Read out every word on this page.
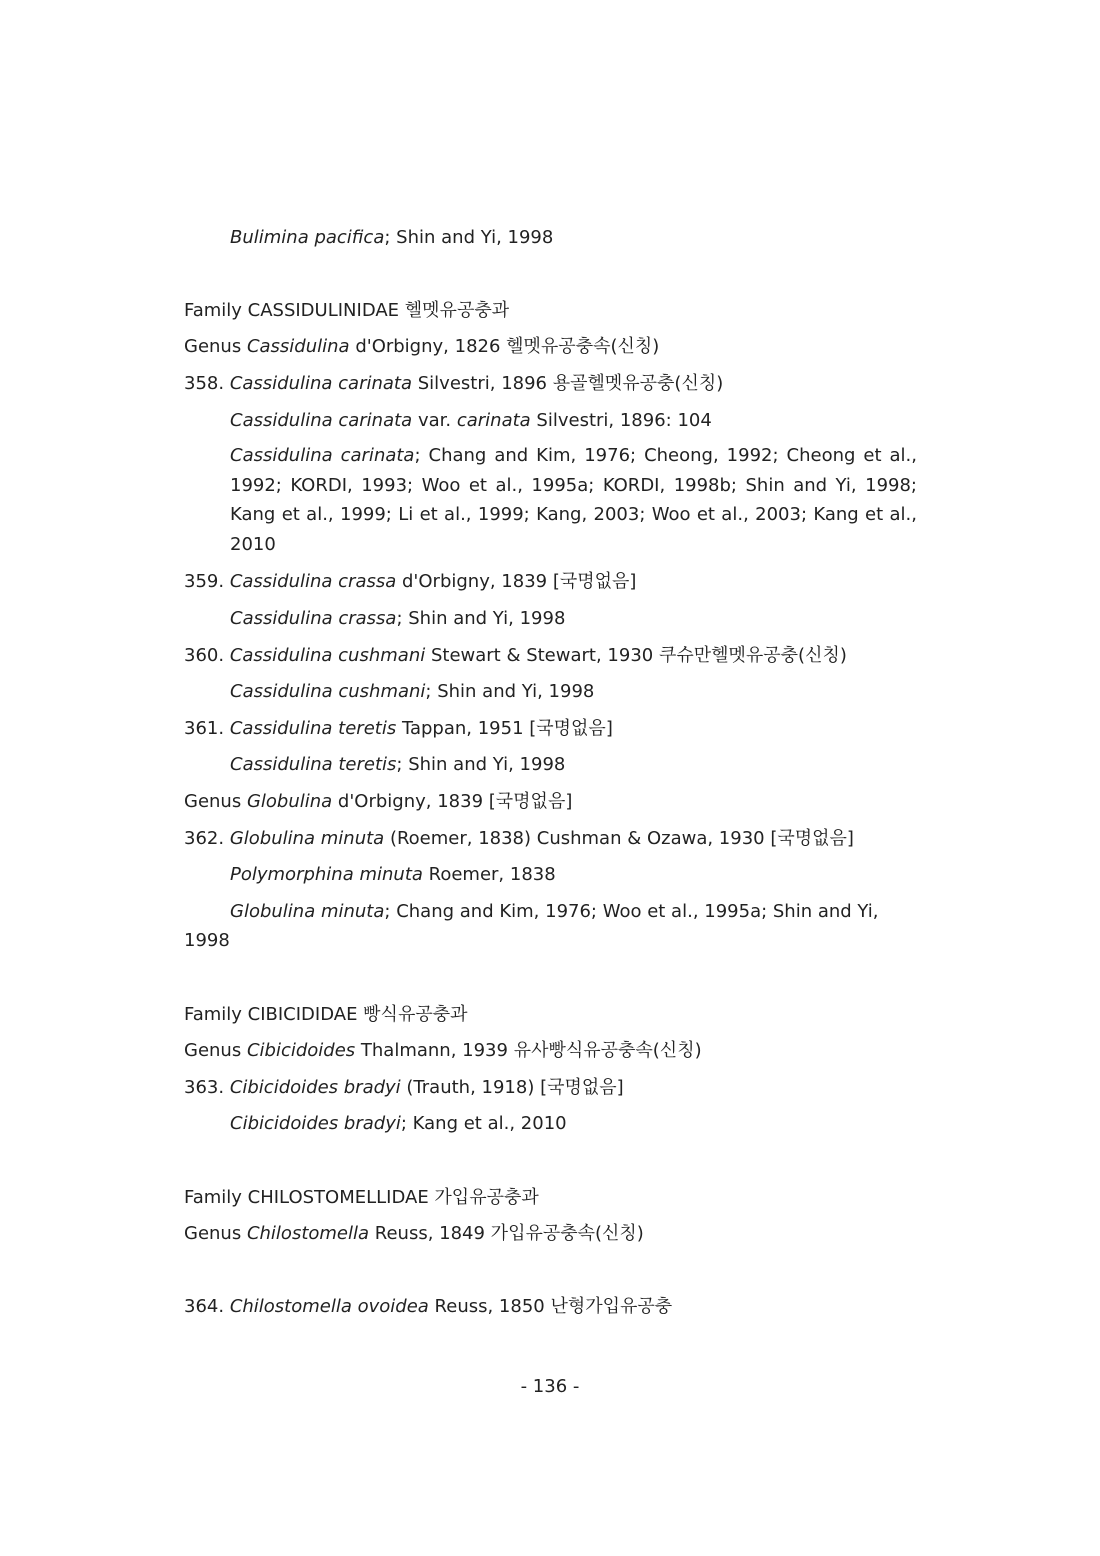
Bulimina pacifica; Shin and Yi, 1998
Family CASSIDULINIDAE 헬멧유공충과
Genus Cassidulina d'Orbigny, 1826 헬멧유공충속(신칭)
358. Cassidulina carinata Silvestri, 1896 용골헬멧유공충(신칭)
Cassidulina carinata var. carinata Silvestri, 1896: 104
Cassidulina carinata; Chang and Kim, 1976; Cheong, 1992; Cheong et al., 1992; KORDI, 1993; Woo et al., 1995a; KORDI, 1998b; Shin and Yi, 1998; Kang et al., 1999; Li et al., 1999; Kang, 2003; Woo et al., 2003; Kang et al., 2010
359. Cassidulina crassa d'Orbigny, 1839 [국명없음]
Cassidulina crassa; Shin and Yi, 1998
360. Cassidulina cushmani Stewart & Stewart, 1930 쿠슈만헬멧유공충(신칭)
Cassidulina cushmani; Shin and Yi, 1998
361. Cassidulina teretis Tappan, 1951 [국명없음]
Cassidulina teretis; Shin and Yi, 1998
Genus Globulina d'Orbigny, 1839 [국명없음]
362. Globulina minuta (Roemer, 1838) Cushman & Ozawa, 1930 [국명없음]
Polymorphina minuta Roemer, 1838
Globulina minuta; Chang and Kim, 1976; Woo et al., 1995a; Shin and Yi,
1998
Family CIBICIDIDAE 빵식유공충과
Genus Cibicidoides Thalmann, 1939 유사빵식유공충속(신칭)
363. Cibicidoides bradyi (Trauth, 1918) [국명없음]
Cibicidoides bradyi; Kang et al., 2010
Family CHILOSTOMELLIDAE 가입유공충과
Genus Chilostomella Reuss, 1849 가입유공충속(신칭)
364. Chilostomella ovoidea Reuss, 1850 난형가입유공충
- 136 -
